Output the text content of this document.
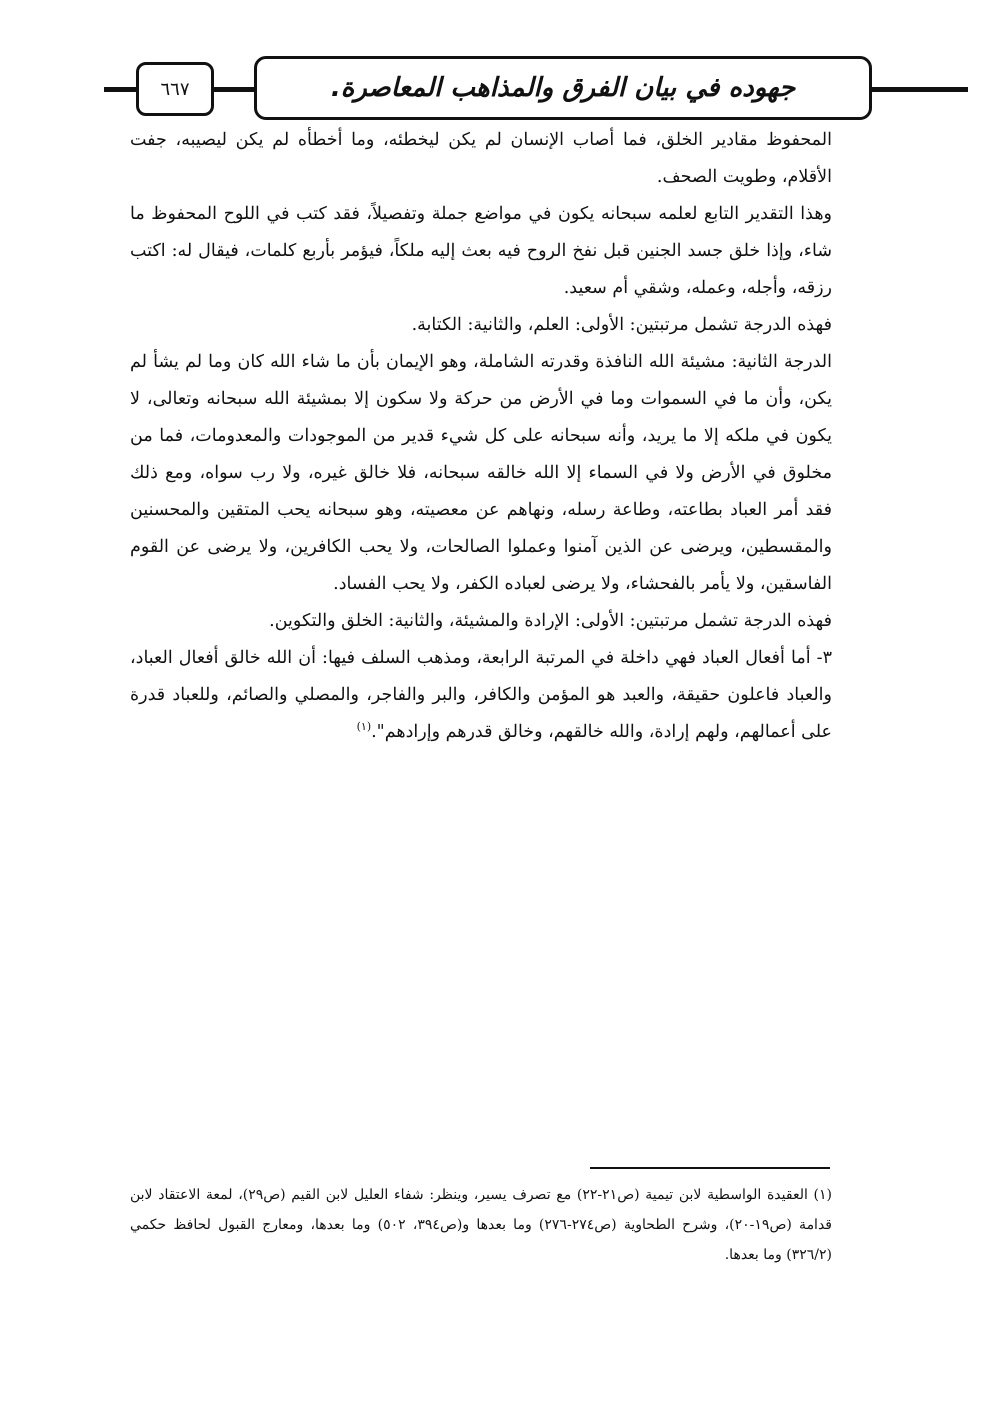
٦٦٧	جهوده في بيان الفرق والمذاهب المعاصرة.

المحفوظ مقادير الخلق، فما أصاب الإنسان لم يكن ليخطئه، وما أخطأه لم يكن ليصيبه، جفت الأقلام، وطويت الصحف.

وهذا التقدير التابع لعلمه سبحانه يكون في مواضع جملة وتفصيلاً، فقد كتب في اللوح المحفوظ ما شاء، وإذا خلق جسد الجنين قبل نفخ الروح فيه بعث إليه ملكاً، فيؤمر بأربع كلمات، فيقال له: اكتب رزقه، وأجله، وعمله، وشقي أم سعيد.

فهذه الدرجة تشمل مرتبتين: الأولى: العلم، والثانية: الكتابة.

الدرجة الثانية: مشيئة الله النافذة وقدرته الشاملة، وهو الإيمان بأن ما شاء الله كان وما لم يشأ لم يكن، وأن ما في السموات وما في الأرض من حركة ولا سكون إلا بمشيئة الله سبحانه وتعالى، لا يكون في ملكه إلا ما يريد، وأنه سبحانه على كل شيء قدير من الموجودات والمعدومات، فما من مخلوق في الأرض ولا في السماء إلا الله خالقه سبحانه، فلا خالق غيره، ولا رب سواه، ومع ذلك فقد أمر العباد بطاعته، وطاعة رسله، ونهاهم عن معصيته، وهو سبحانه يحب المتقين والمحسنين والمقسطين، ويرضى عن الذين آمنوا وعملوا الصالحات، ولا يحب الكافرين، ولا يرضى عن القوم الفاسقين، ولا يأمر بالفحشاء، ولا يرضى لعباده الكفر، ولا يحب الفساد.

فهذه الدرجة تشمل مرتبتين: الأولى: الإرادة والمشيئة، والثانية: الخلق والتكوين.

٣- أما أفعال العباد فهي داخلة في المرتبة الرابعة، ومذهب السلف فيها: أن الله خالق أفعال العباد، والعباد فاعلون حقيقة، والعبد هو المؤمن والكافر، والبر والفاجر، والمصلي والصائم، وللعباد قدرة على أعمالهم، ولهم إرادة، والله خالقهم، وخالق قدرهم وإرادهم".$^{(١)}$

(١) العقيدة الواسطية لابن تيمية (ص٢١-٢٢) مع تصرف يسير، وينظر: شفاء العليل لابن القيم (ص٢٩)، لمعة الاعتقاد لابن قدامة (ص١٩-٢٠)، وشرح الطحاوية (ص٢٧٤-٢٧٦) وما بعدها و(ص٣٩٤، ٥٠٢) وما بعدها، ومعارج القبول لحافظ حكمي (٣٢٦/٢) وما بعدها.
